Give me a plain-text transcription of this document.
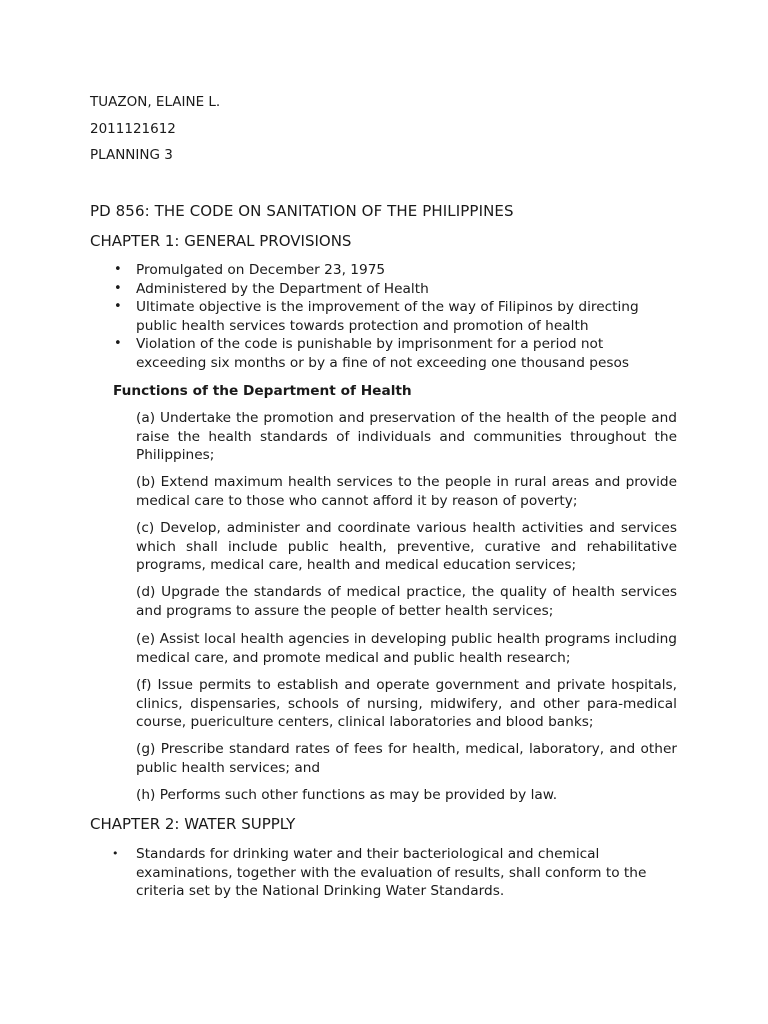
TUAZON, ELAINE L.

2011121612

PLANNING 3

PD 856: THE CODE ON SANITATION OF THE PHILIPPINES
CHAPTER 1: GENERAL PROVISIONS
• Promulgated on December 23, 1975
• Administered by the Department of Health
• Ultimate objective is the improvement of the way of Filipinos by directing public health services towards protection and promotion of health
• Violation of the code is punishable by imprisonment for a period not exceeding six months or by a fine of not exceeding one thousand pesos
Functions of the Department of Health

(a) Undertake the promotion and preservation of the health of the people and raise the health standards of individuals and communities throughout the Philippines;

(b) Extend maximum health services to the people in rural areas and provide medical care to those who cannot afford it by reason of poverty;

(c) Develop, administer and coordinate various health activities and services which shall include public health, preventive, curative and rehabilitative programs, medical care, health and medical education services;

(d) Upgrade the standards of medical practice, the quality of health services and programs to assure the people of better health services;

(e) Assist local health agencies in developing public health programs including medical care, and promote medical and public health research;

(f) Issue permits to establish and operate government and private hospitals, clinics, dispensaries, schools of nursing, midwifery, and other para-medical course, puericulture centers, clinical laboratories and blood banks;

(g) Prescribe standard rates of fees for health, medical, laboratory, and other public health services; and

(h) Performs such other functions as may be provided by law.

CHAPTER 2: WATER SUPPLY
• Standards for drinking water and their bacteriological and chemical examinations, together with the evaluation of results, shall conform to the criteria set by the National Drinking Water Standards.
